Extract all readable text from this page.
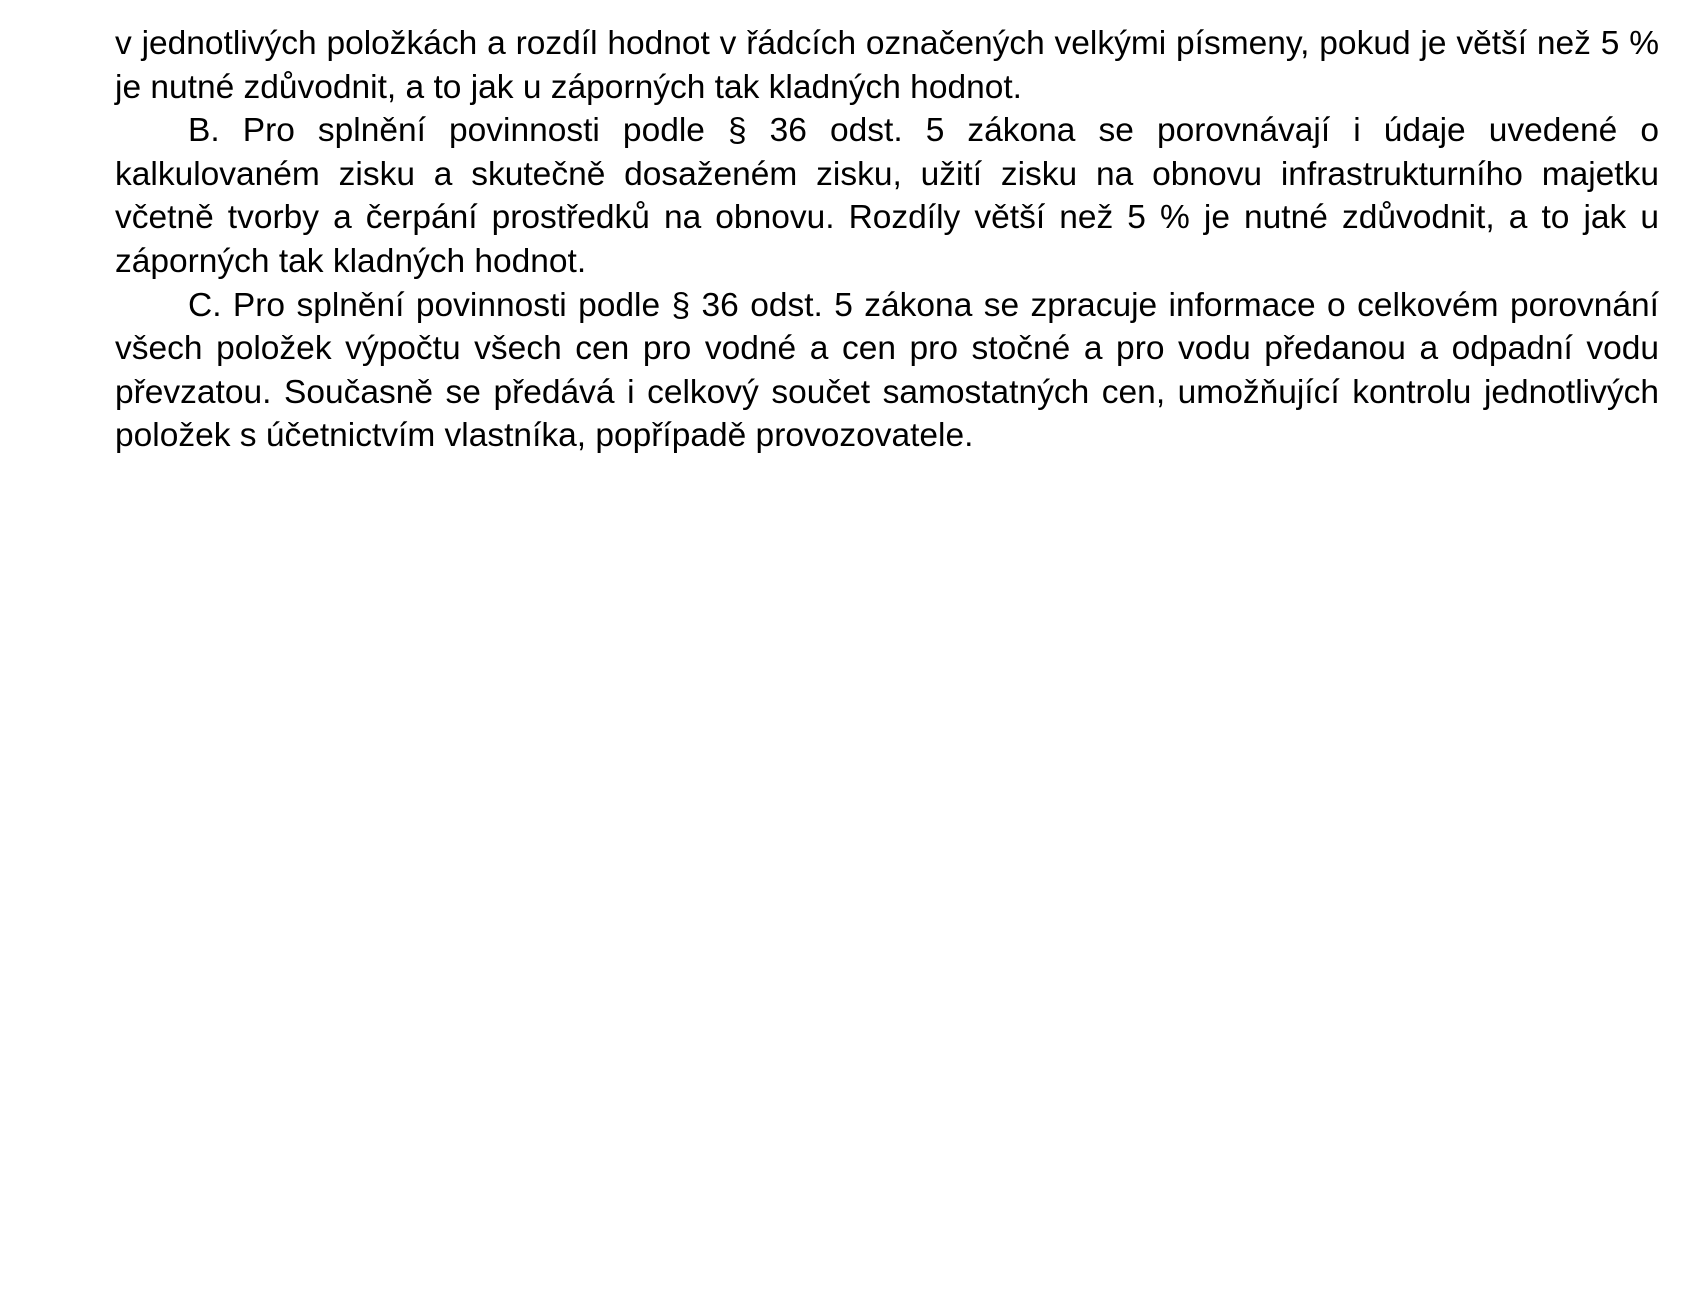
v jednotlivých položkách a rozdíl hodnot v řádcích označených velkými písmeny, pokud je větší než 5 % je nutné zdůvodnit, a to jak u záporných tak kladných hodnot.

B. Pro splnění povinnosti podle § 36 odst. 5 zákona se porovnávají i údaje uvedené o kalkulovaném zisku a skutečně dosaženém zisku, užití zisku na obnovu infrastrukturního majetku včetně tvorby a čerpání prostředků na obnovu. Rozdíly větší než 5 % je nutné zdůvodnit, a to jak u záporných tak kladných hodnot.

C. Pro splnění povinnosti podle § 36 odst. 5 zákona se zpracuje informace o celkovém porovnání všech položek výpočtu všech cen pro vodné a cen pro stočné a pro vodu předanou a odpadní vodu převzatou. Současně se předává i celkový součet samostatných cen, umožňující kontrolu jednotlivých položek s účetnictvím vlastníka, popřípadě provozovatele.
